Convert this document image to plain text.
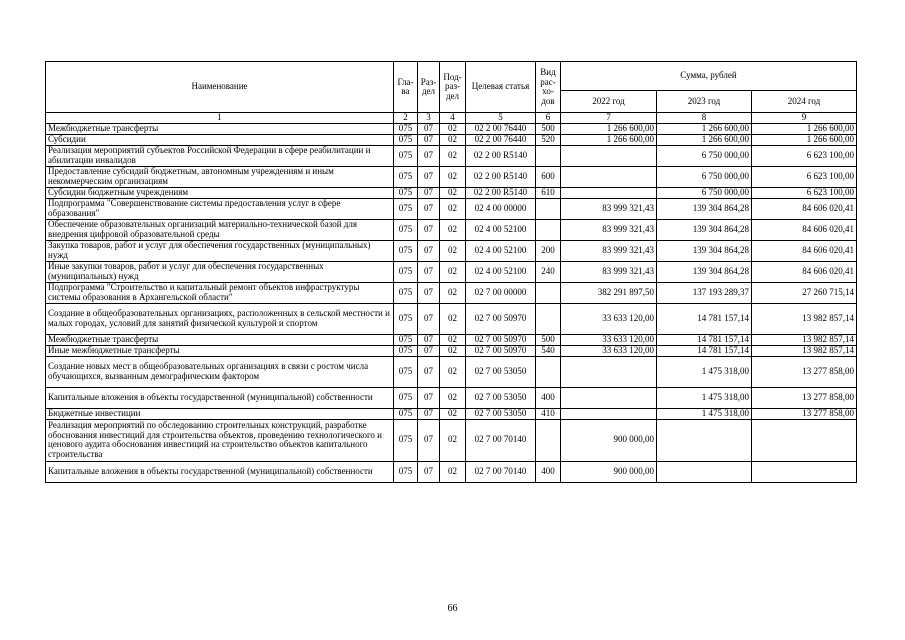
Наименование	Гла-ва	Раз-дел	Под-раз-дел	Целевая статья	Вид рас-хо-дов	Сумма, рублей		
						2022 год	2023 год	2024 год
1	2	3	4	5	6	7	8	9
Межбюджетные трансферты	075	07	02	02 2 00 76440	500	1 266 600,00	1 266 600,00	1 266 600,00
Субсидии	075	07	02	02 2 00 76440	520	1 266 600,00	1 266 600,00	1 266 600,00
Реализация мероприятий субъектов Российской Федерации в сфере реабилитации и абилитации инвалидов	075	07	02	02 2 00 R5140			6 750 000,00	6 623 100,00
Предоставление субсидий бюджетным, автономным учреждениям и иным некоммерческим организациям	075	07	02	02 2 00 R5140	600		6 750 000,00	6 623 100,00
Субсидии бюджетным учреждениям	075	07	02	02 2 00 R5140	610		6 750 000,00	6 623 100,00
Подпрограмма "Совершенствование системы предоставления услуг в сфере образования"	075	07	02	02 4 00 00000		83 999 321,43	139 304 864,28	84 606 020,41
Обеспечение образовательных организаций материально-технической базой для внедрения цифровой образовательной среды	075	07	02	02 4 00 52100		83 999 321,43	139 304 864,28	84 606 020,41
Закупка товаров, работ и услуг для обеспечения государственных (муниципальных) нужд	075	07	02	02 4 00 52100	200	83 999 321,43	139 304 864,28	84 606 020,41
Иные закупки товаров, работ и услуг для обеспечения государственных (муниципальных) нужд	075	07	02	02 4 00 52100	240	83 999 321,43	139 304 864,28	84 606 020,41
Подпрограмма "Строительство и капитальный ремонт объектов инфраструктуры системы образования в Архангельской области"	075	07	02	02 7 00 00000		382 291 897,50	137 193 289,37	27 260 715,14
Создание в общеобразовательных организациях, расположенных в сельской местности и малых городах, условий для занятий физической культурой и спортом	075	07	02	02 7 00 50970		33 633 120,00	14 781 157,14	13 982 857,14
Межбюджетные трансферты	075	07	02	02 7 00 50970	500	33 633 120,00	14 781 157,14	13 982 857,14
Иные межбюджетные трансферты	075	07	02	02 7 00 50970	540	33 633 120,00	14 781 157,14	13 982 857,14
Создание новых мест в общеобразовательных организациях в связи с ростом числа обучающихся, вызванным демографическим фактором	075	07	02	02 7 00 53050			1 475 318,00	13 277 858,00
Капитальные вложения в объекты государственной (муниципальной) собственности	075	07	02	02 7 00 53050	400		1 475 318,00	13 277 858,00
Бюджетные инвестиции	075	07	02	02 7 00 53050	410		1 475 318,00	13 277 858,00
Реализация мероприятий по обследованию строительных конструкций, разработке обоснования инвестиций для строительства объектов, проведению технологического и ценового аудита обоснования инвестиций на строительство объектов капитального строительства	075	07	02	02 7 00 70140		900 000,00		
Капитальные вложения в объекты государственной (муниципальной) собственности	075	07	02	02 7 00 70140	400	900 000,00		
66
